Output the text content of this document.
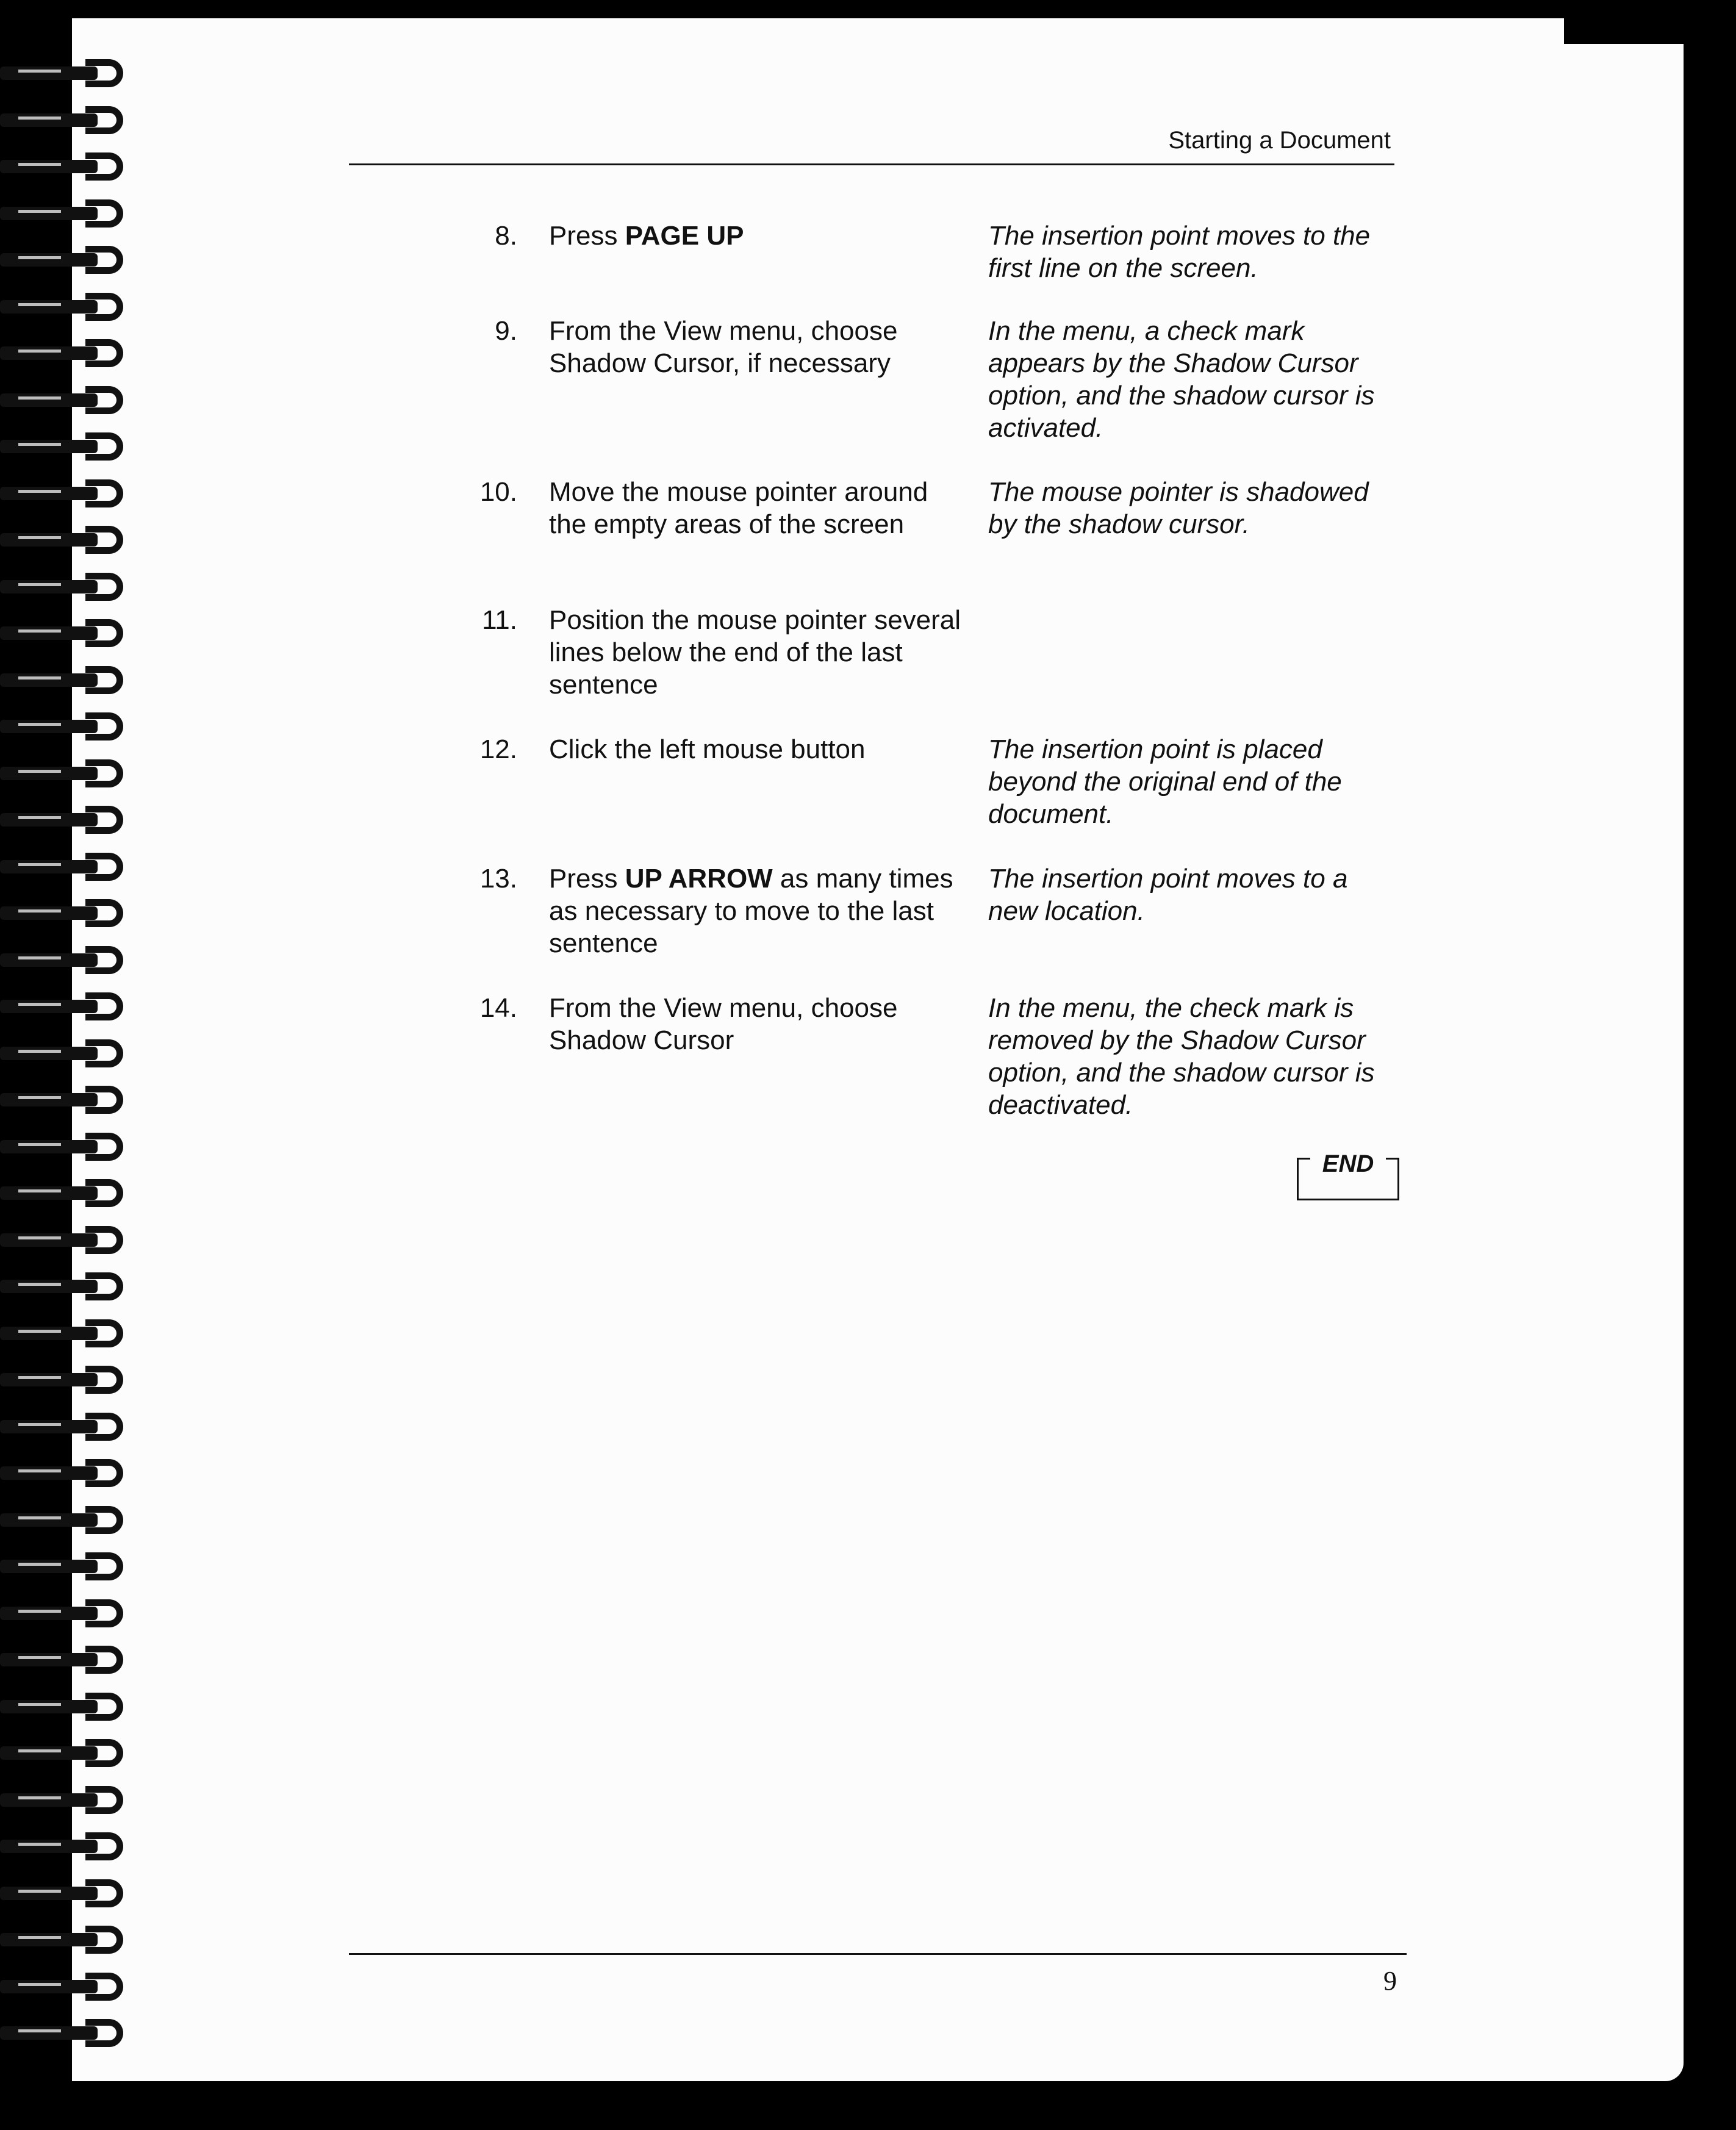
Starting a Document
8. Press PAGE UP	The insertion point moves to the first line on the screen.
9. From the View menu, choose Shadow Cursor, if necessary
In the menu, a check mark appears by the Shadow Cursor option, and the shadow cursor is activated.
10. Move the mouse pointer around the empty areas of the screen
The mouse pointer is shadowed by the shadow cursor.
11. Position the mouse pointer several lines below the end of the last sentence
12. Click the left mouse button	The insertion point is placed beyond the original end of the document.
13. Press UP ARROW as many times as necessary to move to the last sentence
The insertion point moves to a new location.
14. From the View menu, choose Shadow Cursor
In the menu, the check mark is removed by the Shadow Cursor option, and the shadow cursor is deactivated.
END
9
